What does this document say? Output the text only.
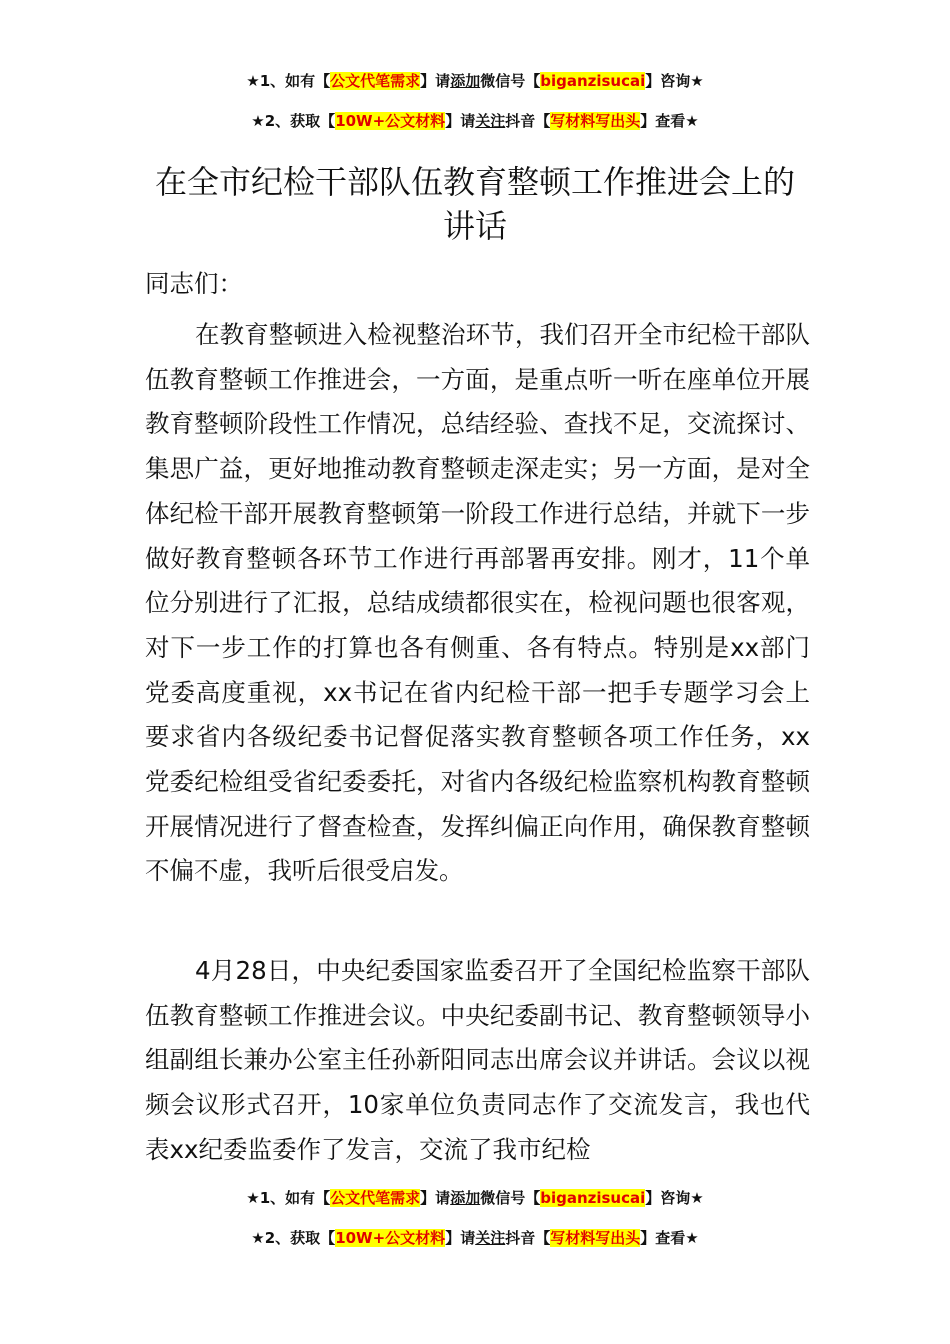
★1、如有【公文代笔需求】请添加微信号【biganzisucai】咨询★
★2、获取【10W+公文材料】请关注抖音【写材料写出头】查看★
在全市纪检干部队伍教育整顿工作推进会上的讲话

同志们：

在教育整顿进入检视整治环节，我们召开全市纪检干部队伍教育整顿工作推进会，一方面，是重点听一听在座单位开展教育整顿阶段性工作情况，总结经验、查找不足，交流探讨、集思广益，更好地推动教育整顿走深走实；另一方面，是对全体纪检干部开展教育整顿第一阶段工作进行总结，并就下一步做好教育整顿各环节工作进行再部署再安排。刚才，11个单位分别进行了汇报，总结成绩都很实在，检视问题也很客观，对下一步工作的打算也各有侧重、各有特点。特别是xx部门党委高度重视，xx书记在省内纪检干部一把手专题学习会上要求省内各级纪委书记督促落实教育整顿各项工作任务，xx党委纪检组受省纪委委托，对省内各级纪检监察机构教育整顿开展情况进行了督查检查，发挥纠偏正向作用，确保教育整顿不偏不虚，我听后很受启发。

4月28日，中央纪委国家监委召开了全国纪检监察干部队伍教育整顿工作推进会议。中央纪委副书记、教育整顿领导小组副组长兼办公室主任孙新阳同志出席会议并讲话。会议以视频会议形式召开，10家单位负责同志作了交流发言，我也代表xx纪委监委作了发言，交流了我市纪检

★1、如有【公文代笔需求】请添加微信号【biganzisucai】咨询★
★2、获取【10W+公文材料】请关注抖音【写材料写出头】查看★
